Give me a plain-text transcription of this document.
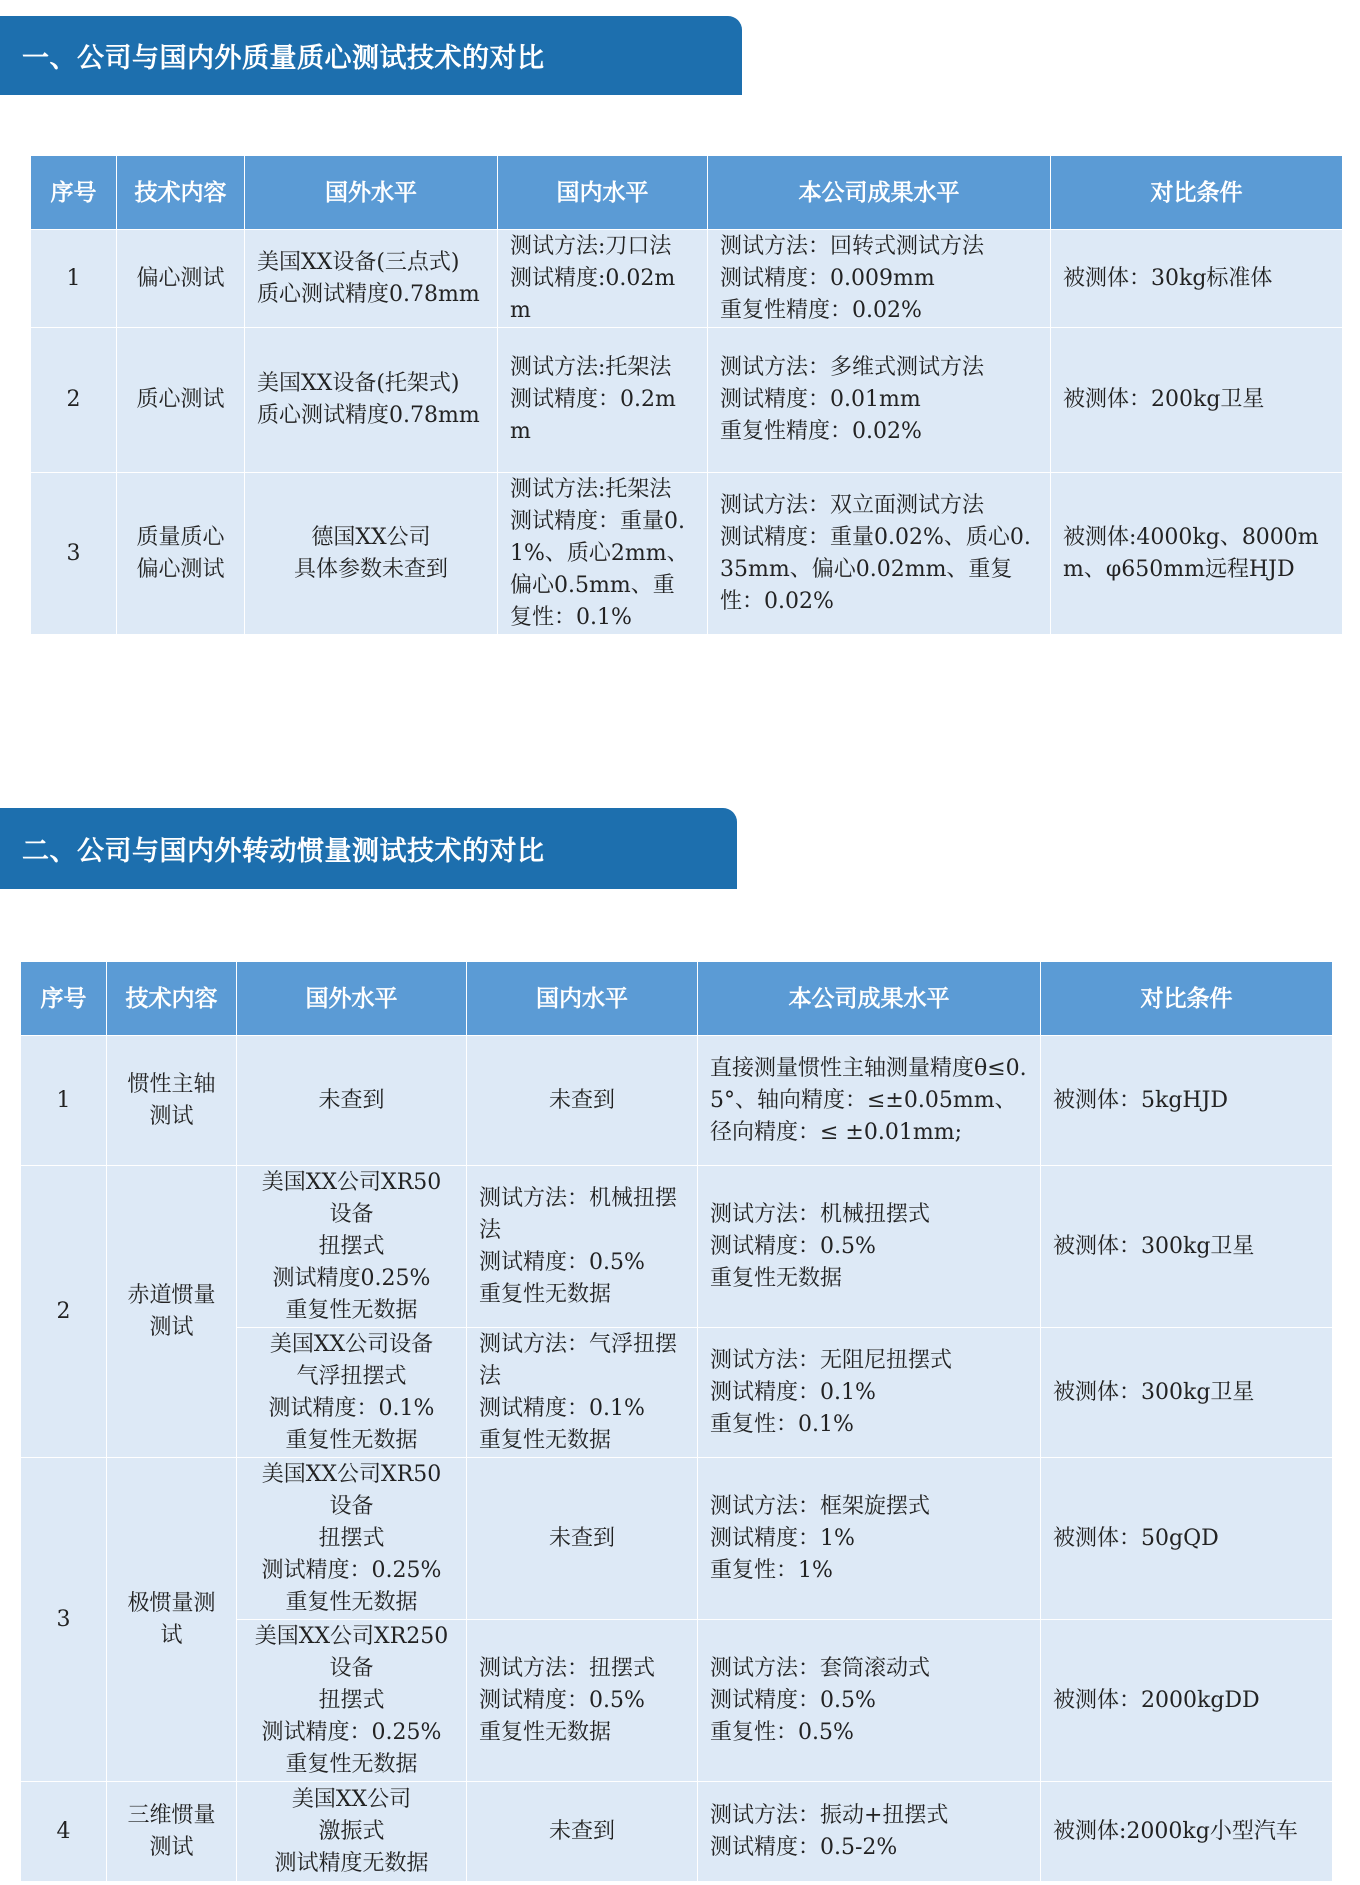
一、公司与国内外质量质心测试技术的对比
序号	技术内容	国外水平	国内水平	本公司成果水平	对比条件
1	偏心测试	美国XX设备(三点式)
质心测试精度0.78mm	测试方法:刀口法
测试精度:0.02mm	测试方法：回转式测试方法
测试精度：0.009mm
重复性精度：0.02%	被测体：30kg标准体
2	质心测试	美国XX设备(托架式)
质心测试精度0.78mm	测试方法:托架法
测试精度：0.2mm	测试方法：多维式测试方法
测试精度：0.01mm
重复性精度：0.02%	被测体：200kg卫星
3	质量质心
偏心测试	德国XX公司
具体参数未查到	测试方法:托架法
测试精度：重量0.1%、质心2mm、偏心0.5mm、重复性：0.1%	测试方法：双立面测试方法
测试精度：重量0.02%、质心0.35mm、偏心0.02mm、重复性：0.02%	被测体:4000kg、8000mm、φ650mm远程HJD
二、公司与国内外转动惯量测试技术的对比
序号	技术内容	国外水平	国内水平	本公司成果水平	对比条件
1	惯性主轴
测试	未查到	未查到	直接测量惯性主轴测量精度θ≤0.5°、轴向精度：≤±0.05mm、径向精度：≤ ±0.01mm;	被测体：5kgHJD
2	赤道惯量
测试	美国XX公司XR50
设备
扭摆式
测试精度0.25%
重复性无数据	测试方法：机械扭摆法
测试精度：0.5%
重复性无数据	测试方法：机械扭摆式
测试精度：0.5%
重复性无数据	被测体：300kg卫星
		美国XX公司设备
气浮扭摆式
测试精度：0.1%
重复性无数据	测试方法：气浮扭摆法
测试精度：0.1%
重复性无数据	测试方法：无阻尼扭摆式
测试精度：0.1%
重复性：0.1%	被测体：300kg卫星
3	极惯量测
试	美国XX公司XR50
设备
扭摆式
测试精度：0.25%
重复性无数据	未查到	测试方法：框架旋摆式
测试精度：1%
重复性：1%	被测体：50gQD
		美国XX公司XR250
设备
扭摆式
测试精度：0.25%
重复性无数据	测试方法：扭摆式
测试精度：0.5%
重复性无数据	测试方法：套筒滚动式
测试精度：0.5%
重复性：0.5%	被测体：2000kgDD
4	三维惯量
测试	美国XX公司
激振式
测试精度无数据	未查到	测试方法：振动+扭摆式
测试精度：0.5-2%	被测体:2000kg小型汽车
